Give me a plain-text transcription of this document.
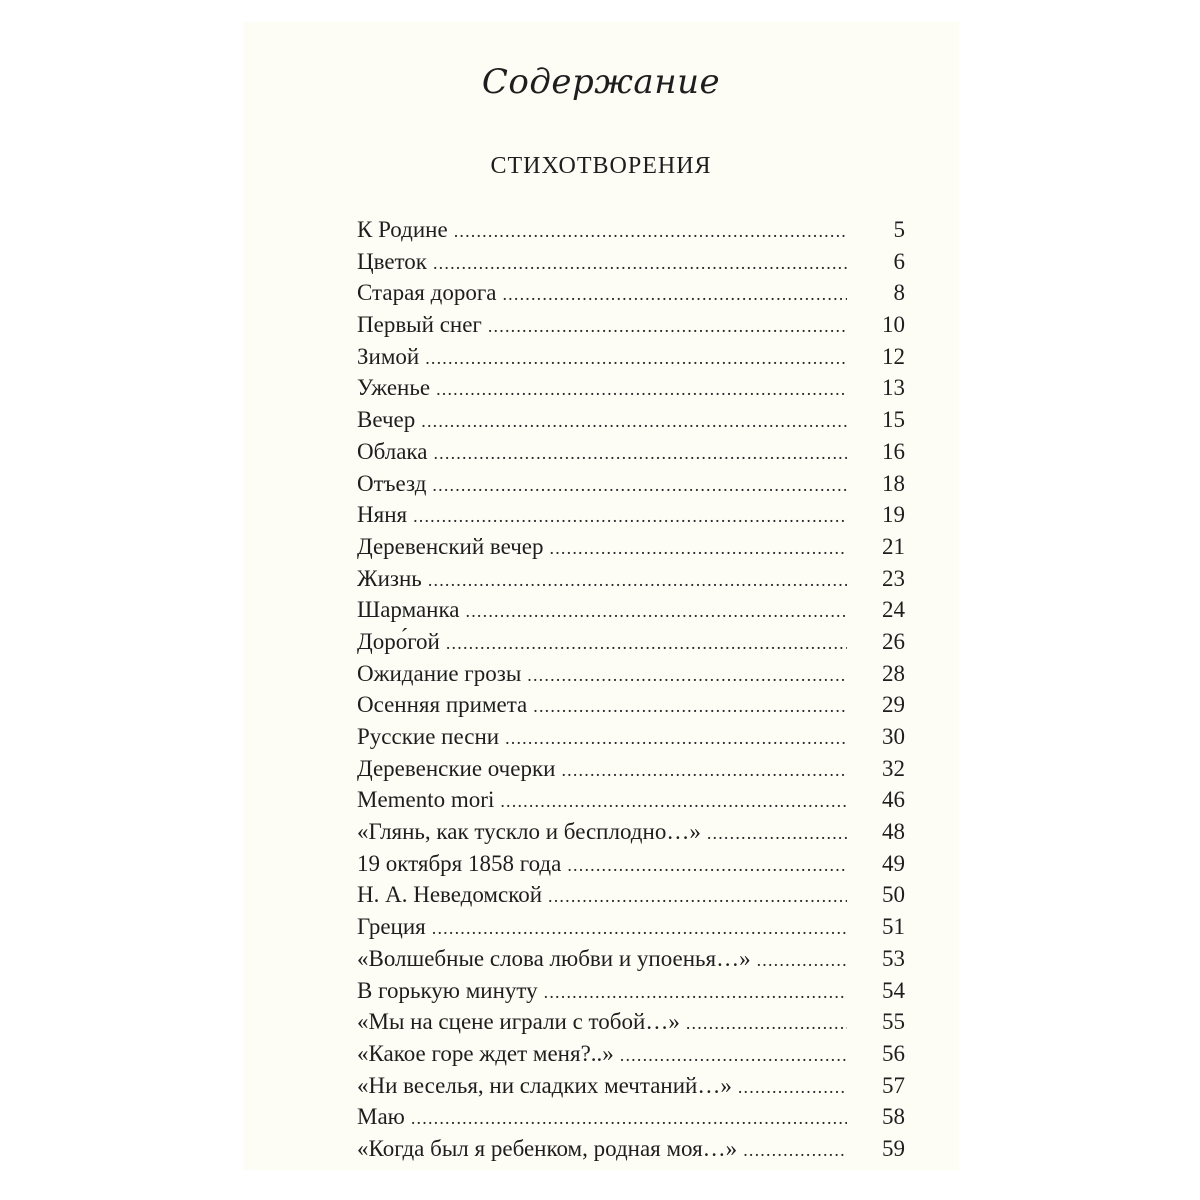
Содержание
СТИХОТВОРЕНИЯ
К Родине .....	5
Цветок .....	6
Старая дорога .....	8
Первый снег .....	10
Зимой .....	12
Уженье .....	13
Вечер .....	15
Облака .....	16
Отъезд .....	18
Няня .....	19
Деревенский вечер .....	21
Жизнь .....	23
Шарманка .....	24
Доро́гой .....	26
Ожидание грозы .....	28
Осенняя примета .....	29
Русские песни .....	30
Деревенские очерки .....	32
Memento mori .....	46
«Глянь, как тускло и бесплодно…» .....	48
19 октября 1858 года .....	49
Н. А. Неведомской .....	50
Греция .....	51
«Волшебные слова любви и упоенья…» .....	53
В горькую минуту .....	54
«Мы на сцене играли с тобой…» .....	55
«Какое горе ждет меня?..» .....	56
«Ни веселья, ни сладких мечтаний…» .....	57
Маю .....	58
«Когда был я ребенком, родная моя…» .....	59
